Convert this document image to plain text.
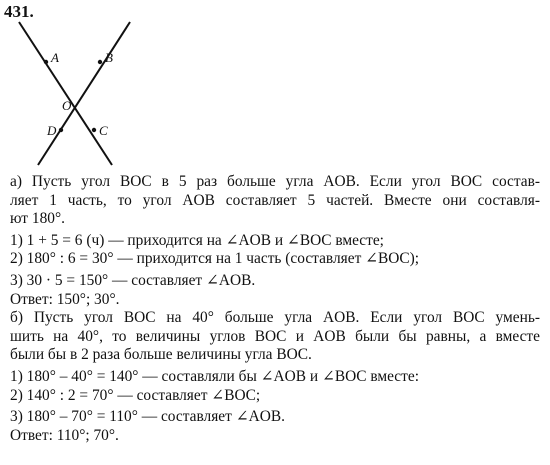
431.
A	B
O
D	C
а) Пусть угол BOC в 5 раз больше угла AOB. Если угол BOC состав-
ляет 1 часть, то угол AOB составляет 5 частей. Вместе они составля-
ют 180°.
1) 1 + 5 = 6 (ч) — приходится на ∠AOB и ∠BOC вместе;
2) 180° : 6 = 30° — приходится на 1 часть (составляет ∠BOC);
3) 30 · 5 = 150° — составляет ∠AOB.
Ответ: 150°; 30°.
б) Пусть угол BOC на 40° больше угла AOB. Если угол BOC умень-
шить на 40°, то величины углов BOC и AOB были бы равны, а вместе
были бы в 2 раза больше величины угла BOC.
1) 180° – 40° = 140° — составляли бы ∠AOB и ∠BOC вместе:
2) 140° : 2 = 70° — составляет ∠BOC;
3) 180° – 70° = 110° — составляет ∠AOB.
Ответ: 110°; 70°.
